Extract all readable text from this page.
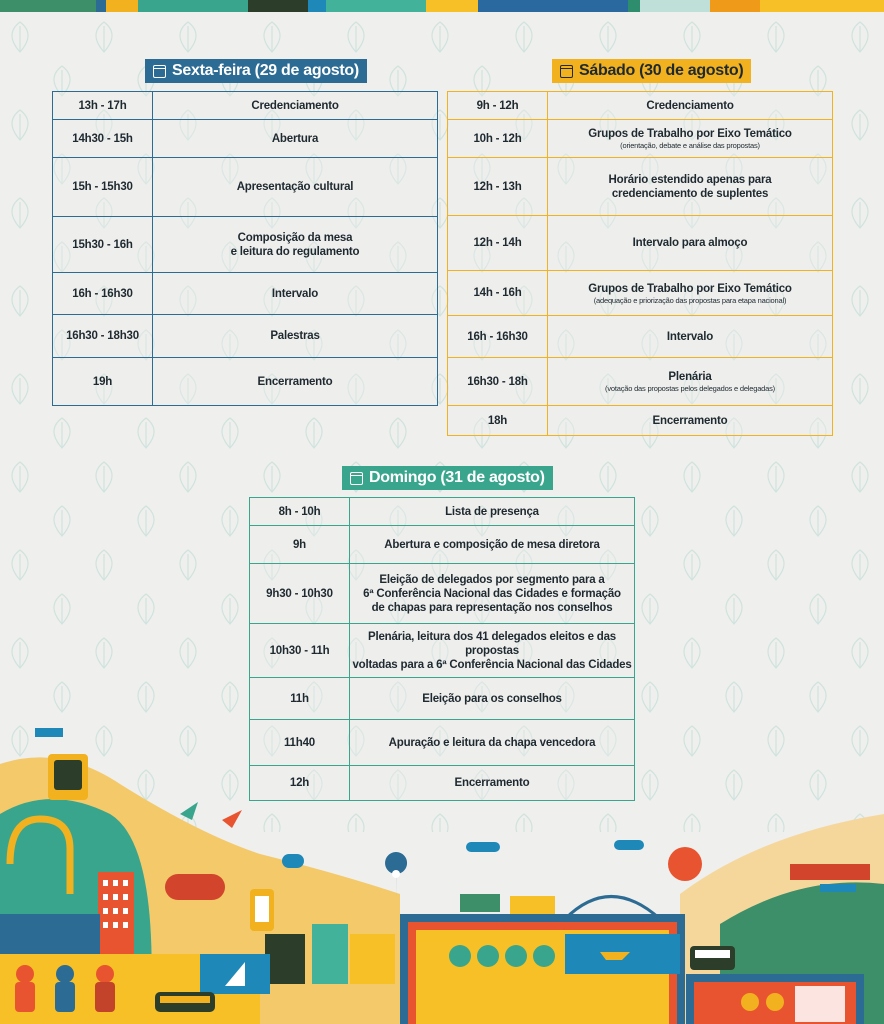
Sexta-feira (29 de agosto)
13h - 17h	Credenciamento
14h30 - 15h	Abertura
15h - 15h30	Apresentação cultural
15h30 - 16h	Composição da mesa
e leitura do regulamento
16h - 16h30	Intervalo
16h30 - 18h30	Palestras
19h	Encerramento
Sábado (30 de agosto)
9h - 12h	Credenciamento
10h - 12h	Grupos de Trabalho por Eixo Temático
(orientação, debate e análise das propostas)

12h - 13h	Horário estendido apenas para
credenciamento de suplentes
12h - 14h	Intervalo para almoço
14h - 16h	Grupos de Trabalho por Eixo Temático
(adequação e priorização das propostas para etapa nacional)

16h - 16h30	Intervalo
16h30 - 18h	Plenária
(votação das propostas pelos delegados e delegadas)

18h	Encerramento
Domingo (31 de agosto)
8h - 10h	Lista de presença
9h	Abertura e composição de mesa diretora
9h30 - 10h30	Eleição de delegados por segmento para a
6ª Conferência Nacional das Cidades e formação
de chapas para representação nos conselhos
10h30 - 11h	Plenária, leitura dos 41 delegados eleitos e das propostas
voltadas para a 6ª Conferência Nacional das Cidades
11h	Eleição para os conselhos
11h40	Apuração e leitura da chapa vencedora
12h	Encerramento
